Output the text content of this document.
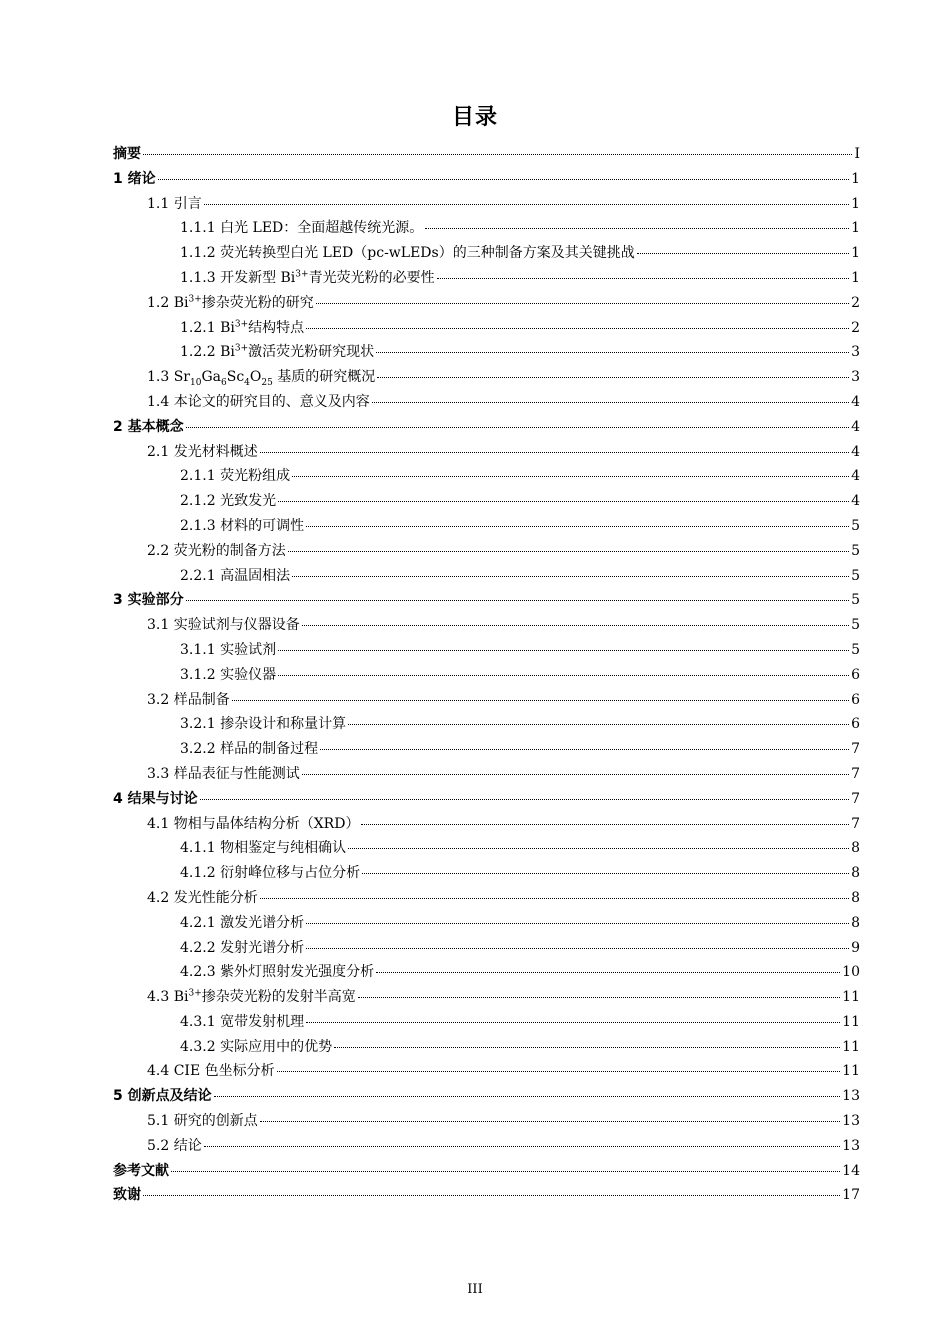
目录
摘要	I
1 绪论	1
1.1 引言	1
1.1.1 白光 LED：全面超越传统光源。	1
1.1.2 荧光转换型白光 LED（pc-wLEDs）的三种制备方案及其关键挑战	1
1.1.3 开发新型 $Bi^{3+}$青光荧光粉的必要性	1
1.2 $Bi^{3+}$掺杂荧光粉的研究	2
1.2.1 $Bi^{3+}$结构特点	2
1.2.2 $Bi^{3+}$激活荧光粉研究现状	3
1.3 $Sr_{10}Ga_6Sc_4O_{25}$ 基质的研究概况	3
1.4 本论文的研究目的、意义及内容	4
2 基本概念	4
2.1 发光材料概述	4
2.1.1 荧光粉组成	4
2.1.2 光致发光	4
2.1.3 材料的可调性	5
2.2 荧光粉的制备方法	5
2.2.1 高温固相法	5
3 实验部分	5
3.1 实验试剂与仪器设备	5
3.1.1 实验试剂	5
3.1.2 实验仪器	6
3.2 样品制备	6
3.2.1 掺杂设计和称量计算	6
3.2.2 样品的制备过程	7
3.3 样品表征与性能测试	7
4 结果与讨论	7
4.1 物相与晶体结构分析（XRD）	7
4.1.1 物相鉴定与纯相确认	8
4.1.2 衍射峰位移与占位分析	8
4.2 发光性能分析	8
4.2.1 激发光谱分析	8
4.2.2 发射光谱分析	9
4.2.3 紫外灯照射发光强度分析	10
4.3 $Bi^{3+}$掺杂荧光粉的发射半高宽	11
4.3.1 宽带发射机理	11
4.3.2 实际应用中的优势	11
4.4 CIE 色坐标分析	11
5 创新点及结论	13
5.1 研究的创新点	13
5.2 结论	13
参考文献	14
致谢	17
III
